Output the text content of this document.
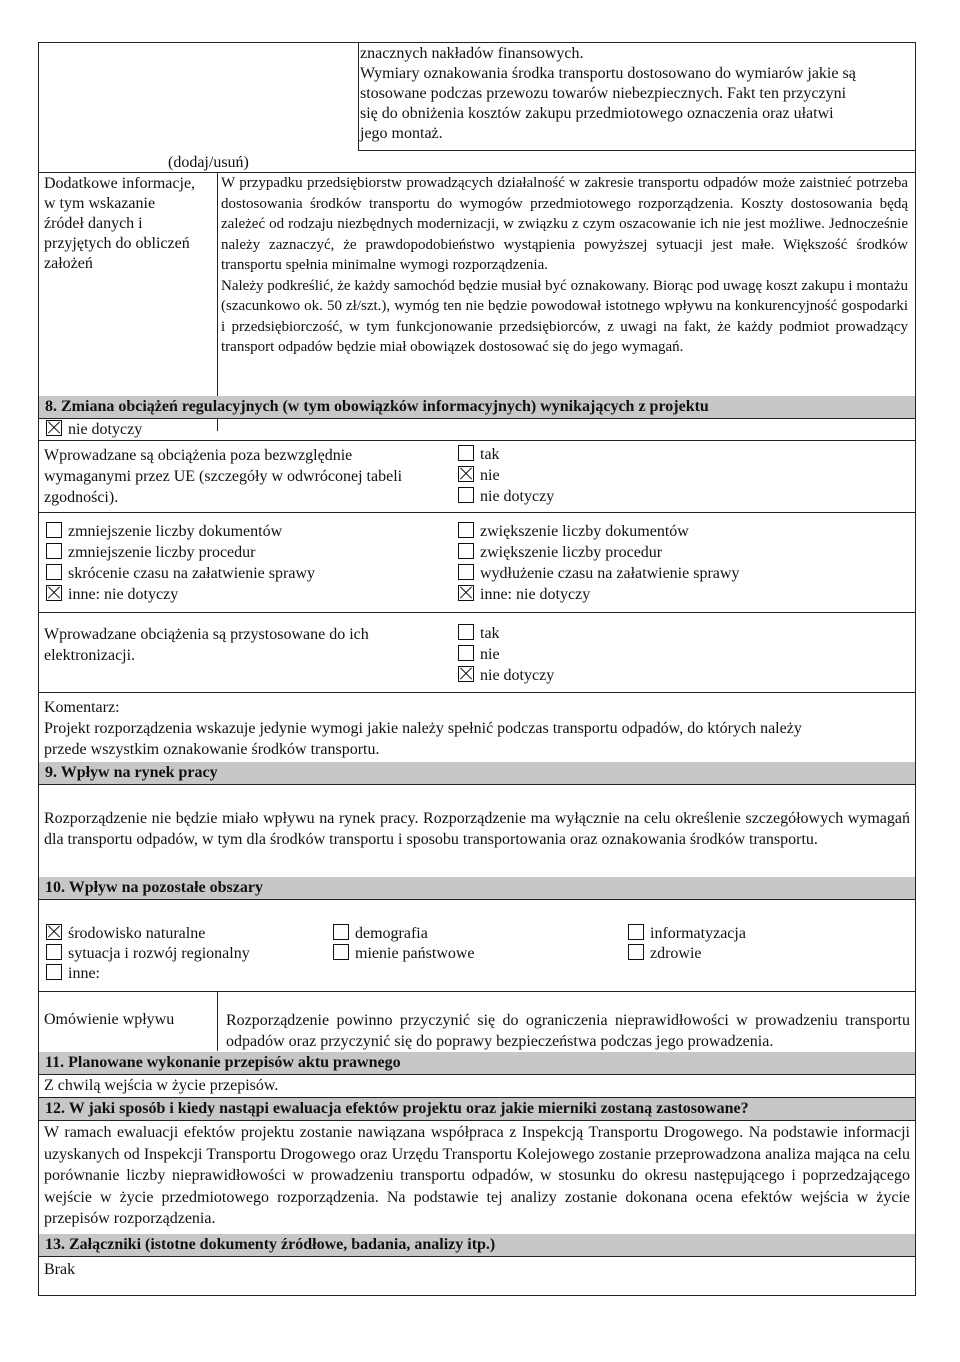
znacznych nakładów finansowych.
Wymiary oznakowania środka transportu dostosowano do wymiarów jakie są
stosowane podczas przewozu towarów niebezpiecznych. Fakt ten przyczyni
się do obniżenia kosztów zakupu przedmiotowego oznaczenia oraz ułatwi
jego montaż.
(dodaj/usuń)
Dodatkowe informacje,
w tym wskazanie
źródeł danych i
przyjętych do obliczeń
założeń
W przypadku przedsiębiorstw prowadzących działalność w zakresie transportu odpadów może zaistnieć potrzeba dostosowania środków transportu do wymogów przedmiotowego rozporządzenia. Koszty dostosowania będą zależeć od rodzaju niezbędnych modernizacji, w związku z czym oszacowanie ich nie jest możliwe. Jednocześnie należy zaznaczyć, że prawdopodobieństwo wystąpienia powyższej sytuacji jest małe. Większość środków transportu spełnia minimalne wymogi rozporządzenia.
Należy podkreślić, że każdy samochód będzie musiał być oznakowany. Biorąc pod uwagę koszt zakupu i montażu (szacunkowo ok. 50 zł/szt.), wymóg ten nie będzie powodował istotnego wpływu na konkurencyjność gospodarki i przedsiębiorczość, w tym funkcjonowanie przedsiębiorców, z uwagi na fakt, że każdy podmiot prowadzący transport odpadów będzie miał obowiązek dostosować się do jego wymagań.
8. Zmiana obciążeń regulacyjnych (w tym obowiązków informacyjnych) wynikających z projektu
nie dotyczy
Wprowadzane są obciążenia poza bezwzględnie
wymaganymi przez UE (szczegóły w odwróconej tabeli
zgodności).
tak
nie
nie dotyczy
zmniejszenie liczby dokumentów
zmniejszenie liczby procedur
skrócenie czasu na załatwienie sprawy
inne: nie dotyczy
zwiększenie liczby dokumentów
zwiększenie liczby procedur
wydłużenie czasu na załatwienie sprawy
inne: nie dotyczy
Wprowadzane obciążenia są przystosowane do ich
elektronizacji.
tak
nie
nie dotyczy
Komentarz:
Projekt rozporządzenia wskazuje jedynie wymogi jakie należy spełnić podczas transportu odpadów, do których należy
przede wszystkim oznakowanie środków transportu.
9. Wpływ na rynek pracy
Rozporządzenie nie będzie miało wpływu na rynek pracy. Rozporządzenie ma wyłącznie na celu określenie szczegółowych wymagań dla transportu odpadów, w tym dla środków transportu i sposobu transportowania oraz oznakowania środków transportu.
10. Wpływ na pozostałe obszary
środowisko naturalne
sytuacja i rozwój regionalny
inne:
demografia
mienie państwowe
informatyzacja
zdrowie
Omówienie wpływu	Rozporządzenie powinno przyczynić się do ograniczenia nieprawidłowości w prowadzeniu transportu odpadów oraz przyczynić się do poprawy bezpieczeństwa podczas jego prowadzenia.
11. Planowane wykonanie przepisów aktu prawnego
Z chwilą wejścia w życie przepisów.
12. W jaki sposób i kiedy nastąpi ewaluacja efektów projektu oraz jakie mierniki zostaną zastosowane?
W ramach ewaluacji efektów projektu zostanie nawiązana współpraca z Inspekcją Transportu Drogowego. Na podstawie informacji uzyskanych od Inspekcji Transportu Drogowego oraz Urzędu Transportu Kolejowego zostanie przeprowadzona analiza mająca na celu porównanie liczby nieprawidłowości w prowadzeniu transportu odpadów, w stosunku do okresu następującego i poprzedzającego wejście w życie przedmiotowego rozporządzenia. Na podstawie tej analizy zostanie dokonana ocena efektów wejścia w życie przepisów rozporządzenia.
13. Załączniki (istotne dokumenty źródłowe, badania, analizy itp.)
Brak
